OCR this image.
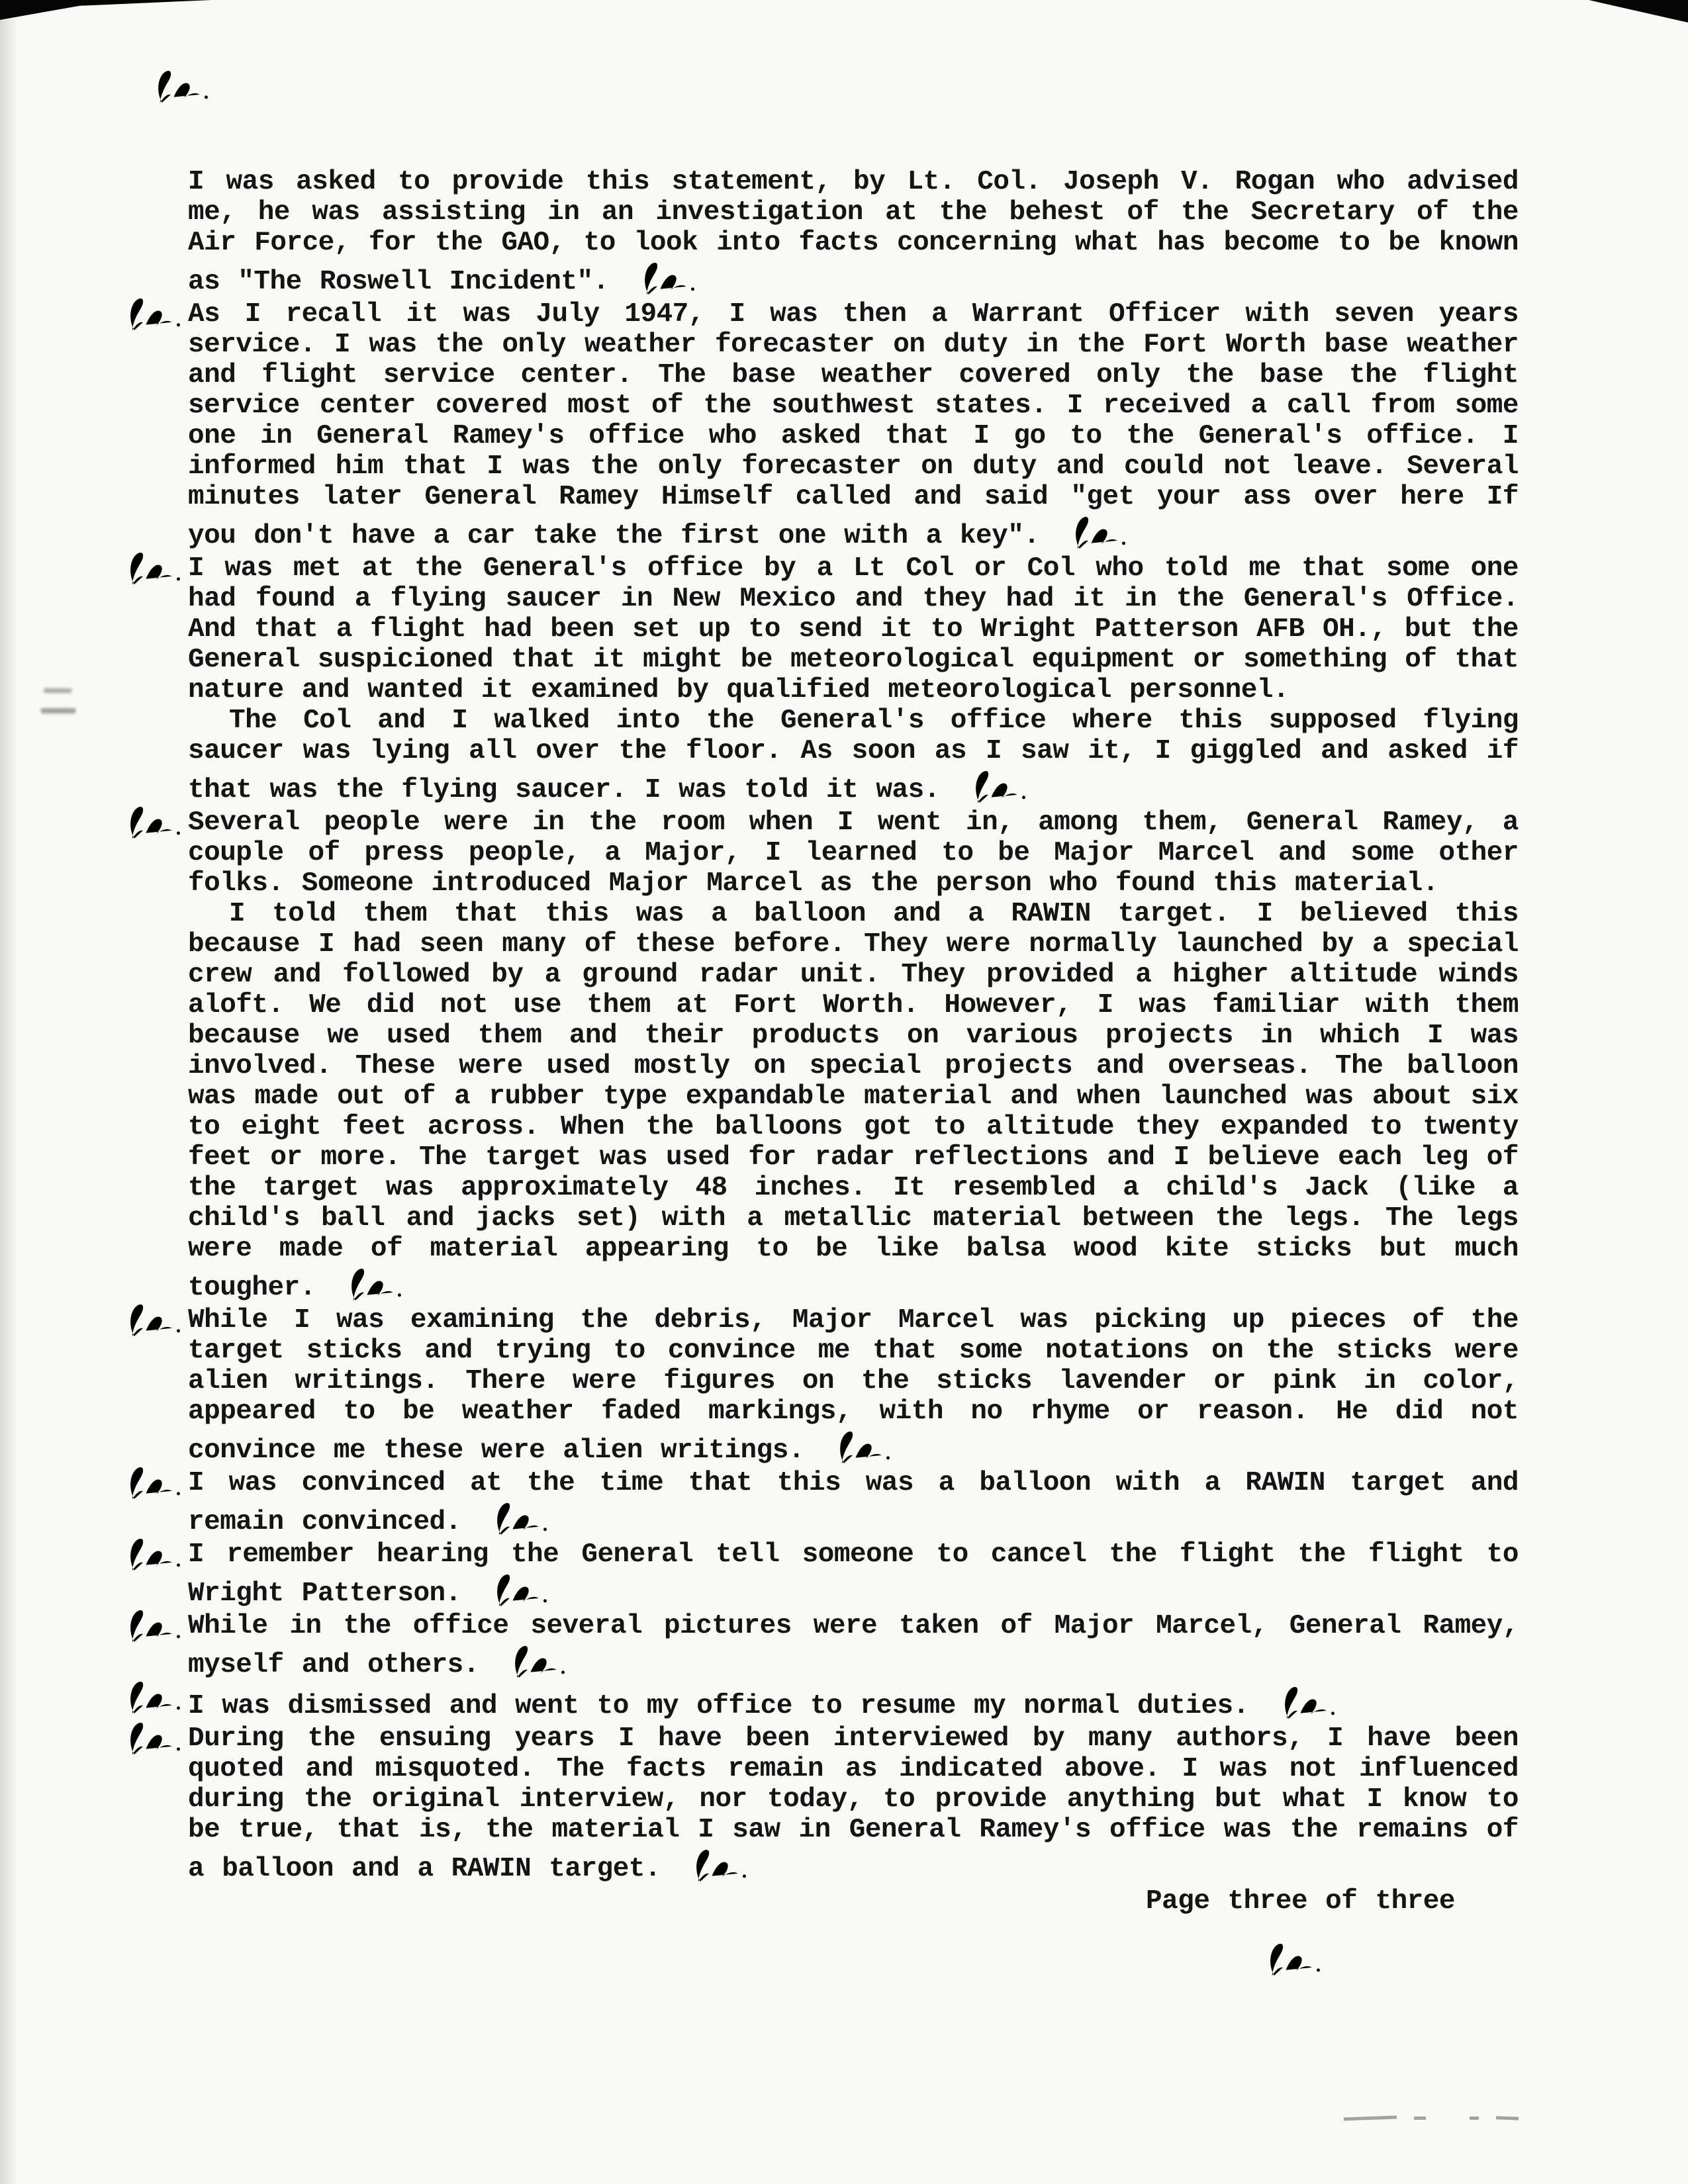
I was asked to provide this statement, by Lt. Col. Joseph V. Rogan who advised me, he was assisting in an investigation at the behest of the Secretary of the Air Force, for the GAO, to look into facts concerning what has become to be known as "The Roswell Incident".

As I recall it was July 1947, I was then a Warrant Officer with seven years service. I was the only weather forecaster on duty in the Fort Worth base weather and flight service center. The base weather covered only the base the flight service center covered most of the southwest states. I received a call from some one in General Ramey's office who asked that I go to the General's office. I informed him that I was the only forecaster on duty and could not leave. Several minutes later General Ramey Himself called and said "get your ass over here If you don't have a car take the first one with a key".

I was met at the General's office by a Lt Col or Col who told me that some one had found a flying saucer in New Mexico and they had it in the General's Office. And that a flight had been set up to send it to Wright Patterson AFB OH., but the General suspicioned that it might be meteorological equipment or something of that nature and wanted it examined by qualified meteorological personnel.

The Col and I walked into the General's office where this supposed flying saucer was lying all over the floor. As soon as I saw it, I giggled and asked if that was the flying saucer. I was told it was.

Several people were in the room when I went in, among them, General Ramey, a couple of press people, a Major, I learned to be Major Marcel and some other folks. Someone introduced Major Marcel as the person who found this material.

I told them that this was a balloon and a RAWIN target. I believed this because I had seen many of these before. They were normally launched by a special crew and followed by a ground radar unit. They provided a higher altitude winds aloft. We did not use them at Fort Worth. However, I was familiar with them because we used them and their products on various projects in which I was involved. These were used mostly on special projects and overseas. The balloon was made out of a rubber type expandable material and when launched was about six to eight feet across. When the balloons got to altitude they expanded to twenty feet or more. The target was used for radar reflections and I believe each leg of the target was approximately 48 inches. It resembled a child's Jack (like a child's ball and jacks set) with a metallic material between the legs. The legs were made of material appearing to be like balsa wood kite sticks but much tougher.

While I was examining the debris, Major Marcel was picking up pieces of the target sticks and trying to convince me that some notations on the sticks were alien writings. There were figures on the sticks lavender or pink in color, appeared to be weather faded markings, with no rhyme or reason. He did not convince me these were alien writings.

I was convinced at the time that this was a balloon with a RAWIN target and remain convinced.

I remember hearing the General tell someone to cancel the flight the flight to Wright Patterson.

While in the office several pictures were taken of Major Marcel, General Ramey, myself and others.

I was dismissed and went to my office to resume my normal duties.

During the ensuing years I have been interviewed by many authors, I have been quoted and misquoted. The facts remain as indicated above. I was not influenced during the original interview, nor today, to provide anything but what I know to be true, that is, the material I saw in General Ramey's office was the remains of a balloon and a RAWIN target.

Page three of three
